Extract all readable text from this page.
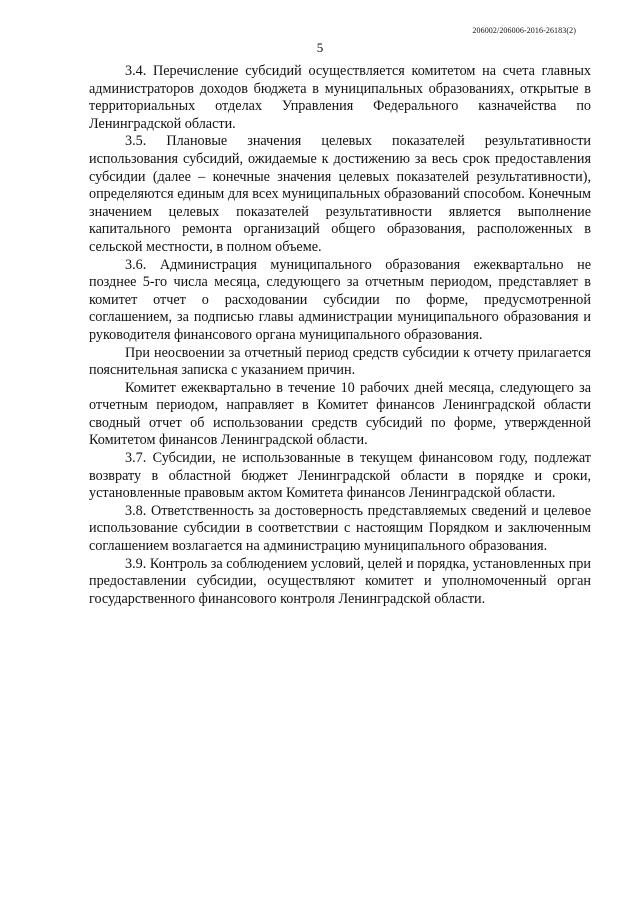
206002/206006-2016-26183(2)
5

3.4. Перечисление субсидий осуществляется комитетом на счета главных администраторов доходов бюджета в муниципальных образованиях, открытые в территориальных отделах Управления Федерального казначейства по Ленинградской области.

3.5. Плановые значения целевых показателей результативности использования субсидий, ожидаемые к достижению за весь срок предоставления субсидии (далее – конечные значения целевых показателей результативности), определяются единым для всех муниципальных образований способом. Конечным значением целевых показателей результативности является выполнение капитального ремонта организаций общего образования, расположенных в сельской местности, в полном объеме.

3.6. Администрация муниципального образования ежеквартально не позднее 5-го числа месяца, следующего за отчетным периодом, представляет в комитет отчет о расходовании субсидии по форме, предусмотренной соглашением, за подписью главы администрации муниципального образования и руководителя финансового органа муниципального образования.

При неосвоении за отчетный период средств субсидии к отчету прилагается пояснительная записка с указанием причин.

Комитет ежеквартально в течение 10 рабочих дней месяца, следующего за отчетным периодом, направляет в Комитет финансов Ленинградской области сводный отчет об использовании средств субсидий по форме, утвержденной Комитетом финансов Ленинградской области.

3.7. Субсидии, не использованные в текущем финансовом году, подлежат возврату в областной бюджет Ленинградской области в порядке и сроки, установленные правовым актом Комитета финансов Ленинградской области.

3.8. Ответственность за достоверность представляемых сведений и целевое использование субсидии в соответствии с настоящим Порядком и заключенным соглашением возлагается на администрацию муниципального образования.

3.9. Контроль за соблюдением условий, целей и порядка, установленных при предоставлении субсидии, осуществляют комитет и уполномоченный орган государственного финансового контроля Ленинградской области.
